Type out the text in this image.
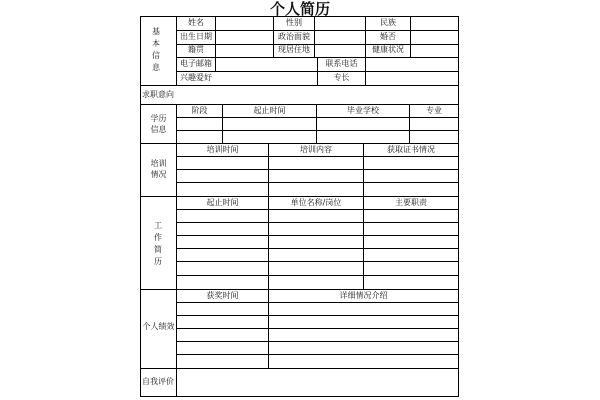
个人简历
基
本
信
息
姓名	性别	民族
出生日期	政治面貌	婚否
籍贯	现居住地	健康状况
电子邮箱	联系电话
兴趣爱好	专长
求职意向
学历
信息
阶段	起止时间	毕业学校	专业
培训
情况
培训时间	培训内容	获取证书情况
工
作
简
历
起止时间	单位名称/岗位	主要职责
个人绩效
获奖时间	详细情况介绍
自我评价
